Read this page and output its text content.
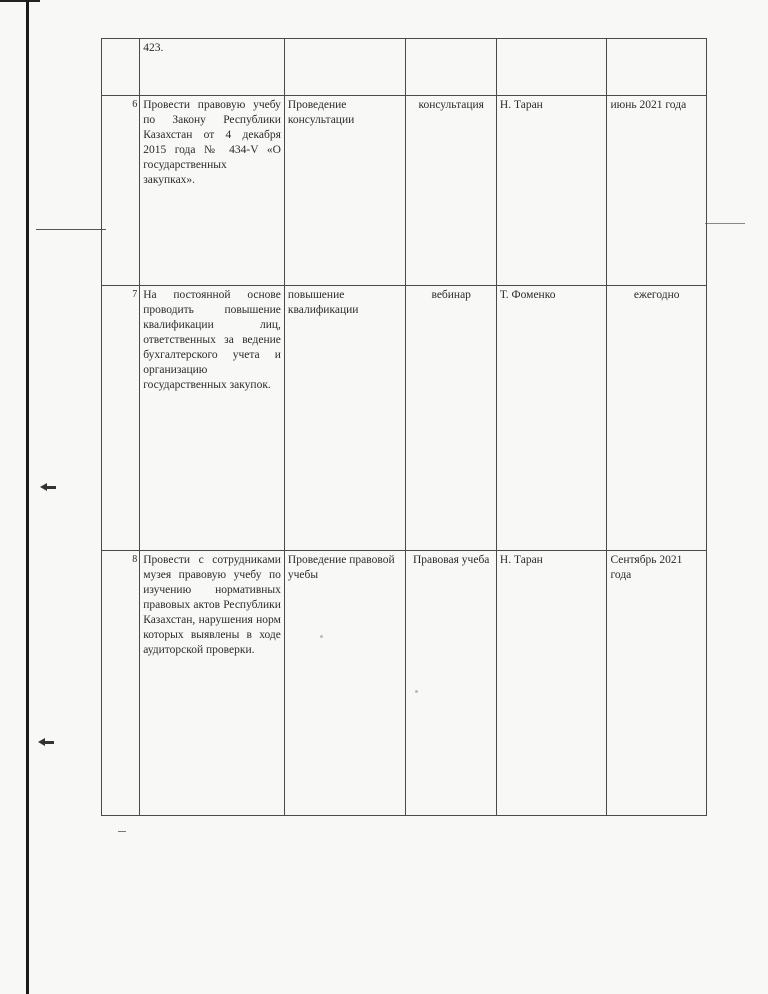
	423.				
6	Провести правовую учебу по Закону Республики Казахстан от 4 декабря 2015 года № 434-V «О государственных закупках».	Проведение консультации	консультация	Н. Таран	июнь 2021 года
7	На постоянной основе проводить повышение квалификации лиц, ответственных за ведение бухгалтерского учета и организацию государственных закупок.	повышение квалификации	вебинар	Т. Фоменко	ежегодно
8	Провести с сотрудниками музея правовую учебу по изучению нормативных правовых актов Республики Казахстан, нарушения норм которых выявлены в ходе аудиторской проверки.	Проведение правовой учебы	Правовая учеба	Н. Таран	Сентябрь 2021 года
